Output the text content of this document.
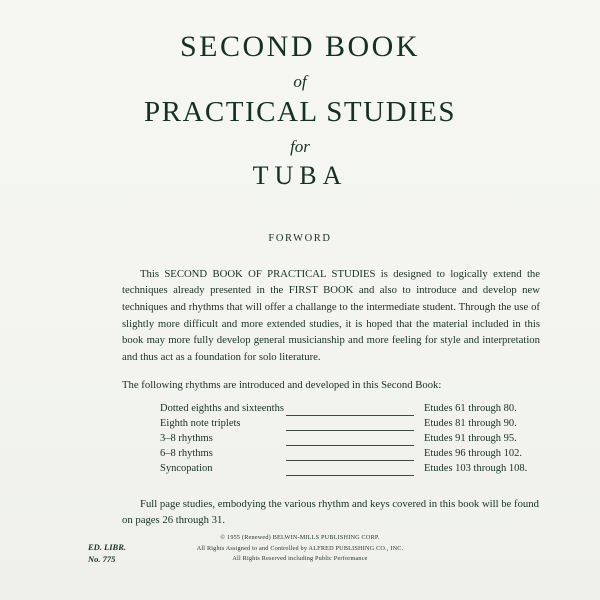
SECOND BOOK
of
PRACTICAL STUDIES
for
TUBA
FORWORD

This SECOND BOOK OF PRACTICAL STUDIES is designed to logically extend the techniques already presented in the FIRST BOOK and also to introduce and develop new techniques and rhythms that will offer a challange to the intermediate student. Through the use of slightly more difficult and more extended studies, it is hoped that the material included in this book may more fully develop general musicianship and more feeling for style and interpretation and thus act as a foundation for solo literature.

The following rhythms are introduced and developed in this Second Book:
Dotted eighths and sixteenths		Etudes 61 through 80.
Eighth note triplets		Etudes 81 through 90.
3–8 rhythms		Etudes 91 through 95.
6–8 rhythms		Etudes 96 through 102.
Syncopation		Etudes 103 through 108.

Full page studies, embodying the various rhythm and keys covered in this book will be found on pages 26 through 31.

ED. LIBR.
No. 775
© 1955 (Renewed) BELWIN-MILLS PUBLISHING CORP.
All Rights Assigned to and Controlled by ALFRED PUBLISHING CO., INC.
All Rights Reserved including Public Performance
